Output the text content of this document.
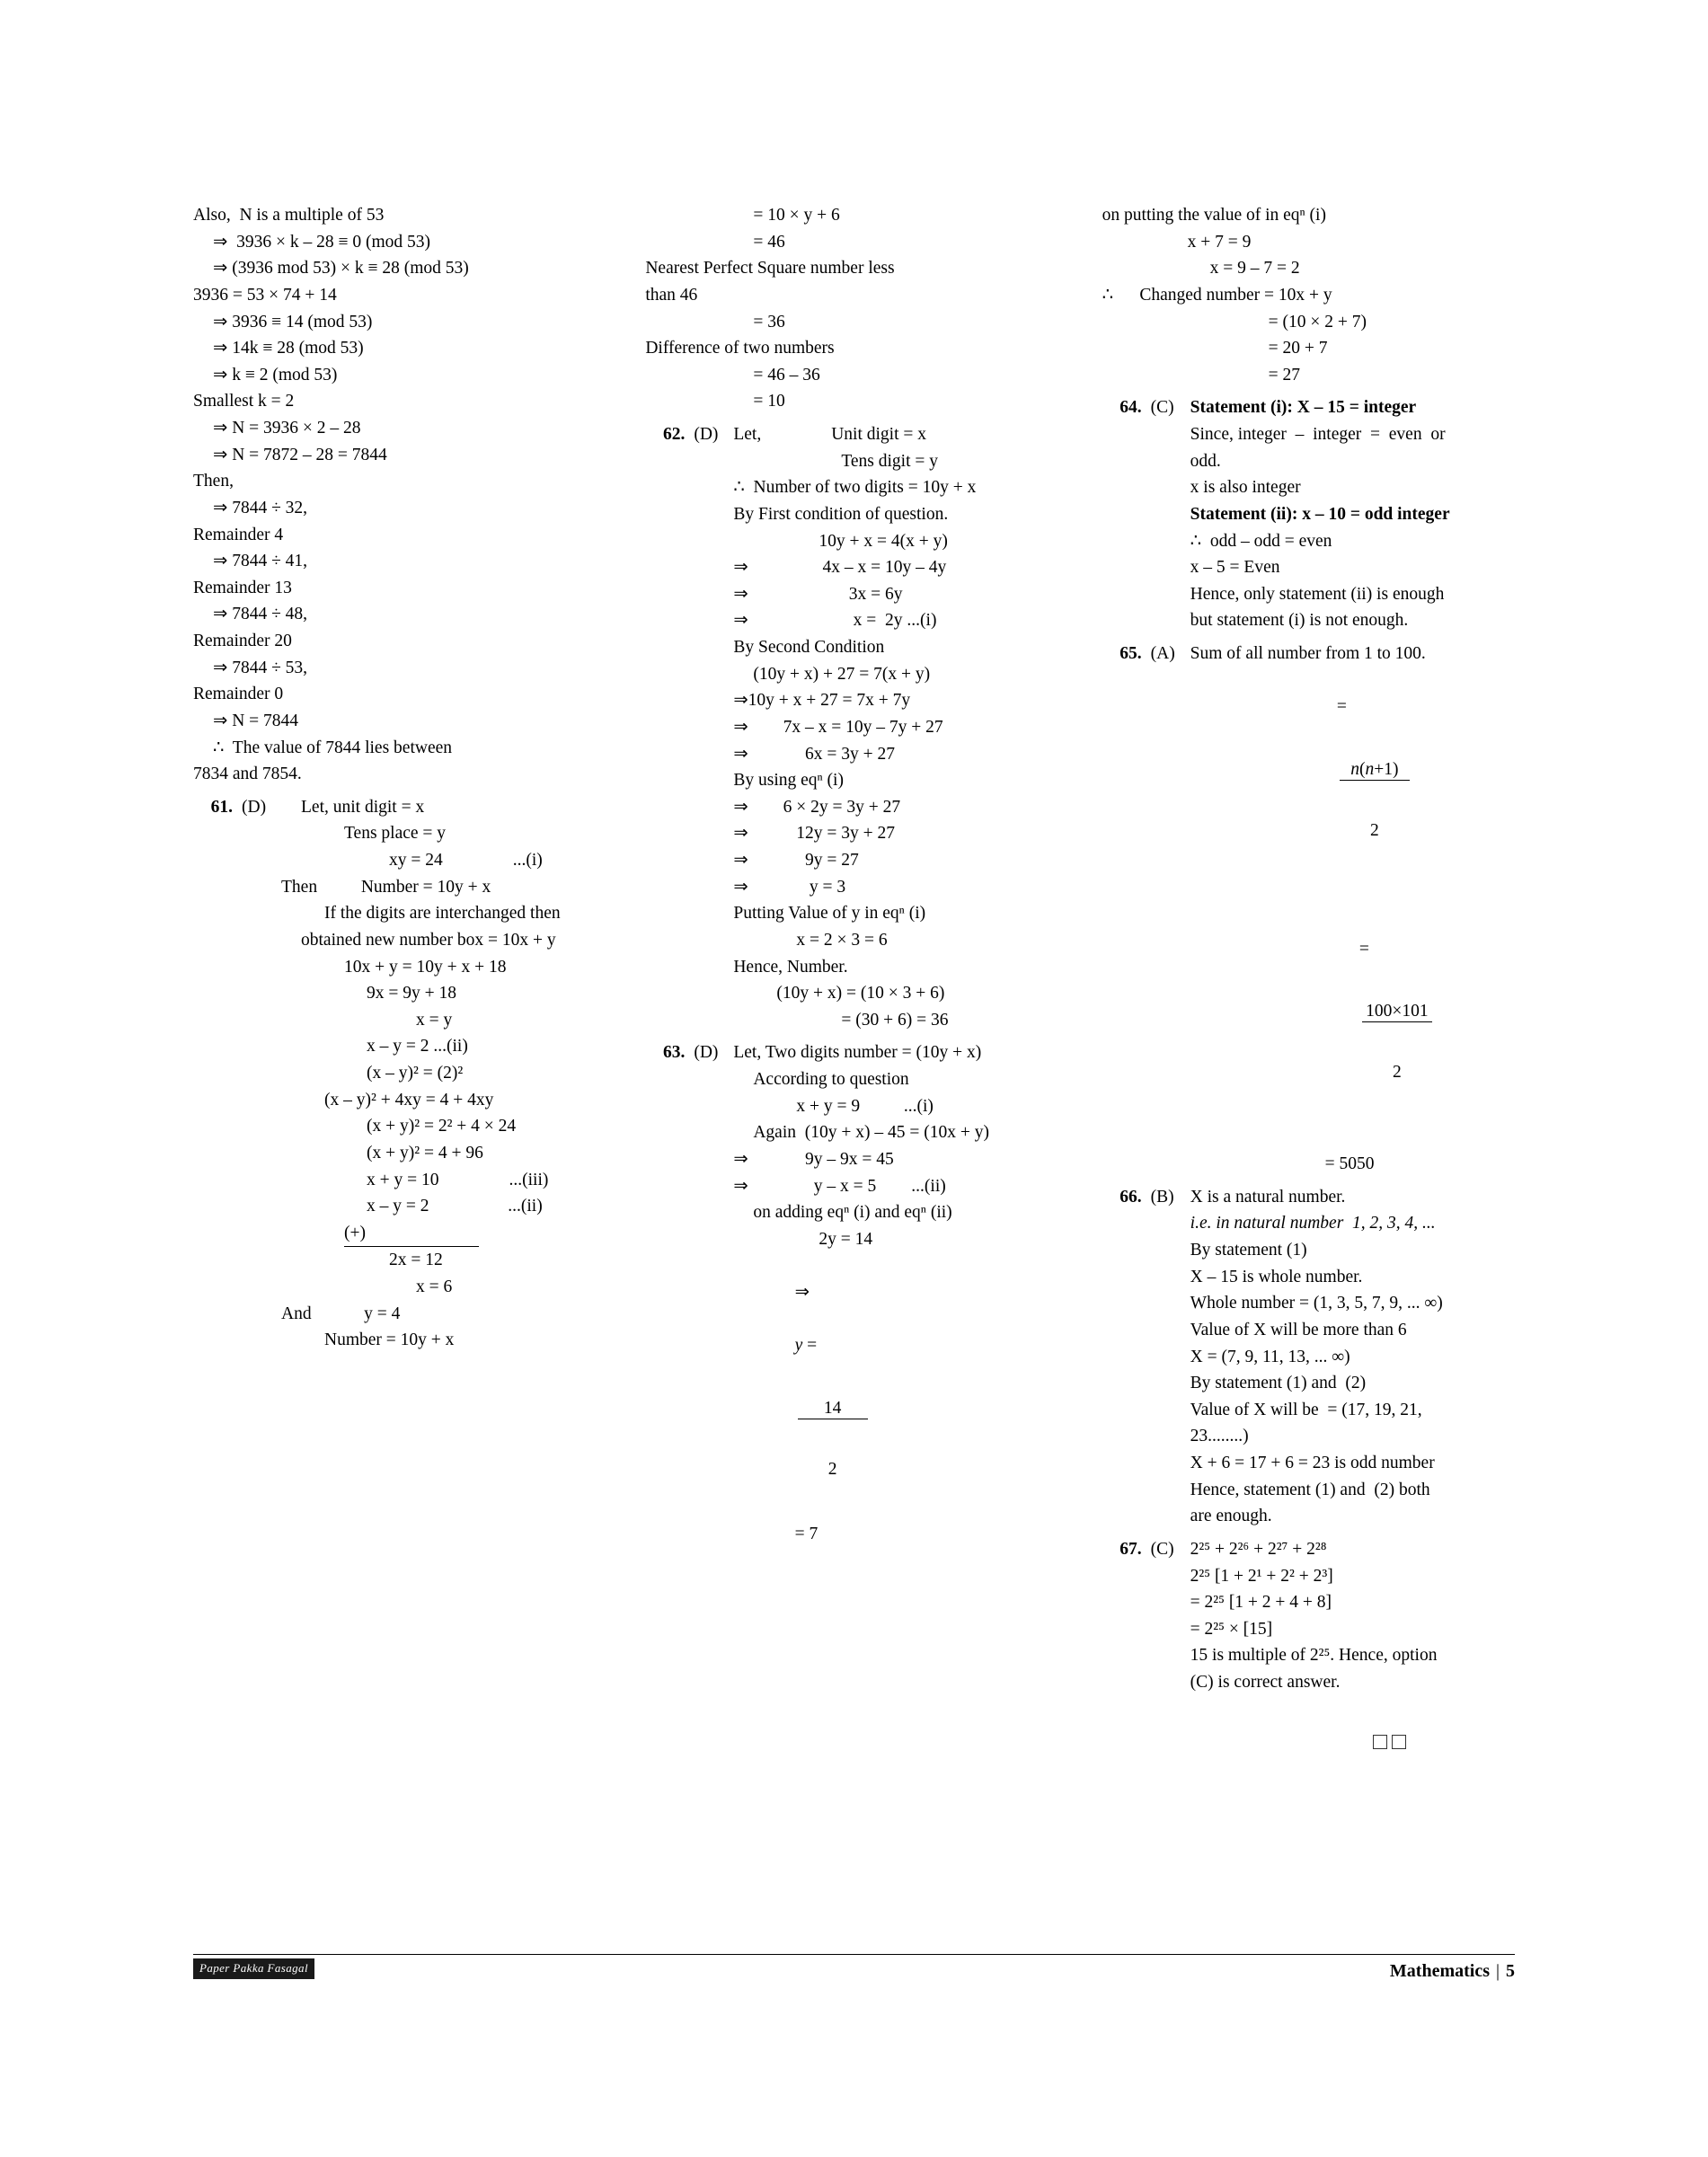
Also,  N is a multiple of 53

⇒  3936 × k – 28 ≡ 0 (mod 53)

⇒ (3936 mod 53) × k ≡ 28 (mod 53)

3936 = 53 × 74 + 14

⇒ 3936 ≡ 14 (mod 53)

⇒ 14k ≡ 28 (mod 53)

⇒ k ≡ 2 (mod 53)

Smallest k = 2

⇒ N = 3936 × 2 – 28

⇒ N = 7872 – 28 = 7844

Then,

⇒ 7844 ÷ 32,

Remainder 4

⇒ 7844 ÷ 41,

Remainder 13

⇒ 7844 ÷ 48,

Remainder 20

⇒ 7844 ÷ 53,

Remainder 0

⇒ N = 7844

∴  The value of 7844 lies between

7834 and 7854.

61. (D)	Let, unit digit = x

Tens place = y

xy = 24                ...(i)

Then          Number = 10y + x

If the digits are interchanged then

obtained new number box = 10x + y

10x + y = 10y + x + 18

9x = 9y + 18

x = y

x – y = 2 ...(ii)

(x – y)² = (2)²

(x – y)² + 4xy = 4 + 4xy

(x + y)² = 2² + 4 × 24

(x + y)² = 4 + 96

x + y = 10                ...(iii)

x – y = 2                  ...(ii)

(+)

2x = 12

x = 6

And            y = 4

Number = 10y + x

= 10 × y + 6

= 46

Nearest Perfect Square number less

than 46

= 36

Difference of two numbers

= 46 – 36

= 10

62. (D) Let,                Unit digit = x

Tens digit = y

∴  Number of two digits = 10y + x

By First condition of question.

10y + x = 4(x + y)

⇒                 4x – x = 10y – 4y

⇒                       3x = 6y

⇒                        x =  2y ...(i)

By Second Condition

(10y + x) + 27 = 7(x + y)

⇒10y + x + 27 = 7x + 7y

⇒        7x – x = 10y – 7y + 27

⇒             6x = 3y + 27

By using eqⁿ (i)

⇒        6 × 2y = 3y + 27

⇒           12y = 3y + 27

⇒             9y = 27

⇒              y = 3

Putting Value of y in eqⁿ (i)

x = 2 × 3 = 6

Hence, Number.

(10y + x) = (10 × 3 + 6)

= (30 + 6) = 36

63. (D) Let, Two digits number = (10y + x)

According to question

x + y = 9          ...(i)

Again  (10y + x) – 45 = (10x + y)

⇒             9y – 9x = 45

⇒               y – x = 5        ...(ii)

on adding eqⁿ (i) and eqⁿ (ii)

2y = 14

⇒

y =

$\frac{14}{2}$

= 7

on putting the value of in eqⁿ (i)

x + 7 = 9

x = 9 – 7 = 2

∴      Changed number = 10x + y

= (10 × 2 + 7)

= 20 + 7

= 27

64. (C) Statement (i): X – 15 = integer

Since, integer  –  integer  =  even  or

odd.

x is also integer

Statement (ii): x – 10 = odd integer

∴  odd – odd = even

x – 5 = Even

Hence, only statement (ii) is enough

but statement (i) is not enough.

65. (A) Sum of all number from 1 to 100.

=

$\frac{n(n+1)}{2}$

=

$\frac{100\times 101}{2}$

= 5050

66. (B) X is a natural number.

i.e. in natural number  1, 2, 3, 4, ...

By statement (1)

X – 15 is whole number.

Whole number = (1, 3, 5, 7, 9, ... ∞)

Value of X will be more than 6

X = (7, 9, 11, 13, ... ∞)

By statement (1) and  (2)

Value of X will be  = (17, 19, 21,

23........)

X + 6 = 17 + 6 = 23 is odd number

Hence, statement (1) and  (2) both

are enough.

67. (C) 2²⁵ + 2²⁶ + 2²⁷ + 2²⁸

2²⁵ [1 + 2¹ + 2² + 2³]

= 2²⁵ [1 + 2 + 4 + 8]

= 2²⁵ × [15]

15 is multiple of 2²⁵. Hence, option

(C) is correct answer.

Paper Pakka Fasagal	Mathematics | 5
